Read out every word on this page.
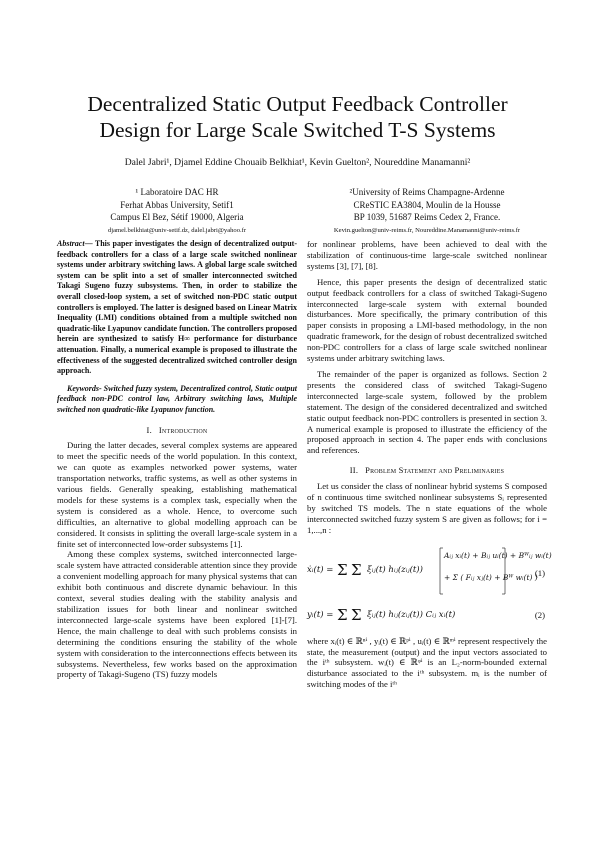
Decentralized Static Output Feedback Controller
Design for Large Scale Switched T-S Systems
Dalel Jabri¹, Djamel Eddine Chouaib Belkhiat¹, Kevin Guelton², Noureddine Manamanni²
¹ Laboratoire DAC HR
Ferhat Abbas University, Setif1
Campus El Bez, Sétif 19000, Algeria
djamel.belkhiat@univ-setif.dz, dalel.jabri@yahoo.fr
²University of Reims Champagne-Ardenne
CReSTIC EA3804, Moulin de la Housse
BP 1039, 51687 Reims Cedex 2, France.
Kevin.guelton@univ-reims.fr, Noureddine.Manamanni@univ-reims.fr

Abstract— This paper investigates the design of decentralized output-feedback controllers for a class of a large scale switched nonlinear systems under arbitrary switching laws. A global large scale switched system can be split into a set of smaller interconnected switched Takagi Sugeno fuzzy subsystems. Then, in order to stabilize the overall closed-loop system, a set of switched non-PDC static output controllers is employed. The latter is designed based on Linear Matrix Inequality (LMI) conditions obtained from a multiple switched non quadratic-like Lyapunov candidate function. The controllers proposed herein are synthesized to satisfy H∞ performance for disturbance attenuation. Finally, a numerical example is proposed to illustrate the effectiveness of the suggested decentralized switched controller design approach.

Keywords- Switched fuzzy system, Decentralized control, Static output feedback non-PDC control law, Arbitrary switching laws, Multiple switched non quadratic-like Lyapunov function.

I. Introduction

During the latter decades, several complex systems are appeared to meet the specific needs of the world population. In this context, we can quote as examples networked power systems, water transportation networks, traffic systems, as well as other systems in various fields. Generally speaking, establishing mathematical models for these systems is a complex task, especially when the system is considered as a whole. Hence, to overcome such difficulties, an alternative to global modelling approach can be considered. It consists in splitting the overall large-scale system in a finite set of interconnected low-order subsystems [1].

Among these complex systems, switched interconnected large-scale system have attracted considerable attention since they provide a convenient modelling approach for many physical systems that can exhibit both continuous and discrete dynamic behaviour. In this context, several studies dealing with the stability analysis and stabilization issues for both linear and nonlinear switched interconnected large-scale systems have been explored [1]-[7]. Hence, the main challenge to deal with such problems consists in determining the conditions ensuring the stability of the whole system with consideration to the interconnections effects between its subsystems. Nevertheless, few works based on the approximation property of Takagi-Sugeno (TS) fuzzy models

for nonlinear problems, have been achieved to deal with the stabilization of continuous-time large-scale switched nonlinear systems [3], [7], [8].

Hence, this paper presents the design of decentralized static output feedback controllers for a class of switched Takagi-Sugeno interconnected large-scale system with external bounded disturbances. More specifically, the primary contribution of this paper consists in proposing a LMI-based methodology, in the non quadratic framework, for the design of robust decentralized switched non-PDC controllers for a class of large scale switched nonlinear systems under arbitrary switching laws.

The remainder of the paper is organized as follows. Section 2 presents the considered class of switched Takagi-Sugeno interconnected large-scale system, followed by the problem statement. The design of the considered decentralized and switched static output feedback non-PDC controllers is presented in section 3. A numerical example is proposed to illustrate the efficiency of the proposed approach in section 4. The paper ends with conclusions and references.

II. Problem Statement and Preliminaries

Let us consider the class of nonlinear hybrid systems S composed of n continuous time switched nonlinear subsystems Sᵢ represented by switched TS models. The n state equations of the whole interconnected switched fuzzy system S are given as follows; for i = 1,...,n :

ẋᵢ(t) = Σ Σ ξᵢⱼ(t) hᵢⱼ(zᵢⱼ(t))
Aᵢⱼ xᵢ(t) + Bᵢⱼ uᵢ(t) + Bᵂᵢⱼ wᵢ(t)
+ Σ ( Fᵢⱼ xⱼ(t) + Bᵂ wᵢ(t) )
(1)
yᵢ(t) = Σ Σ ξᵢⱼ(t) hᵢⱼ(zᵢⱼ(t)) Cᵢⱼ xᵢ(t)	(2)

where xᵢ(t) ∈ ℝⁿⁱ , yᵢ(t) ∈ ℝᵖⁱ , uᵢ(t) ∈ ℝᵐⁱ represent respectively the state, the measurement (output) and the input vectors associated to the iᵗʰ subsystem. wᵢ(t) ∈ ℝᵠⁱ is an L₂-norm-bounded external disturbance associated to the iᵗʰ subsystem. mᵢ is the number of switching modes of the iᵗʰ
